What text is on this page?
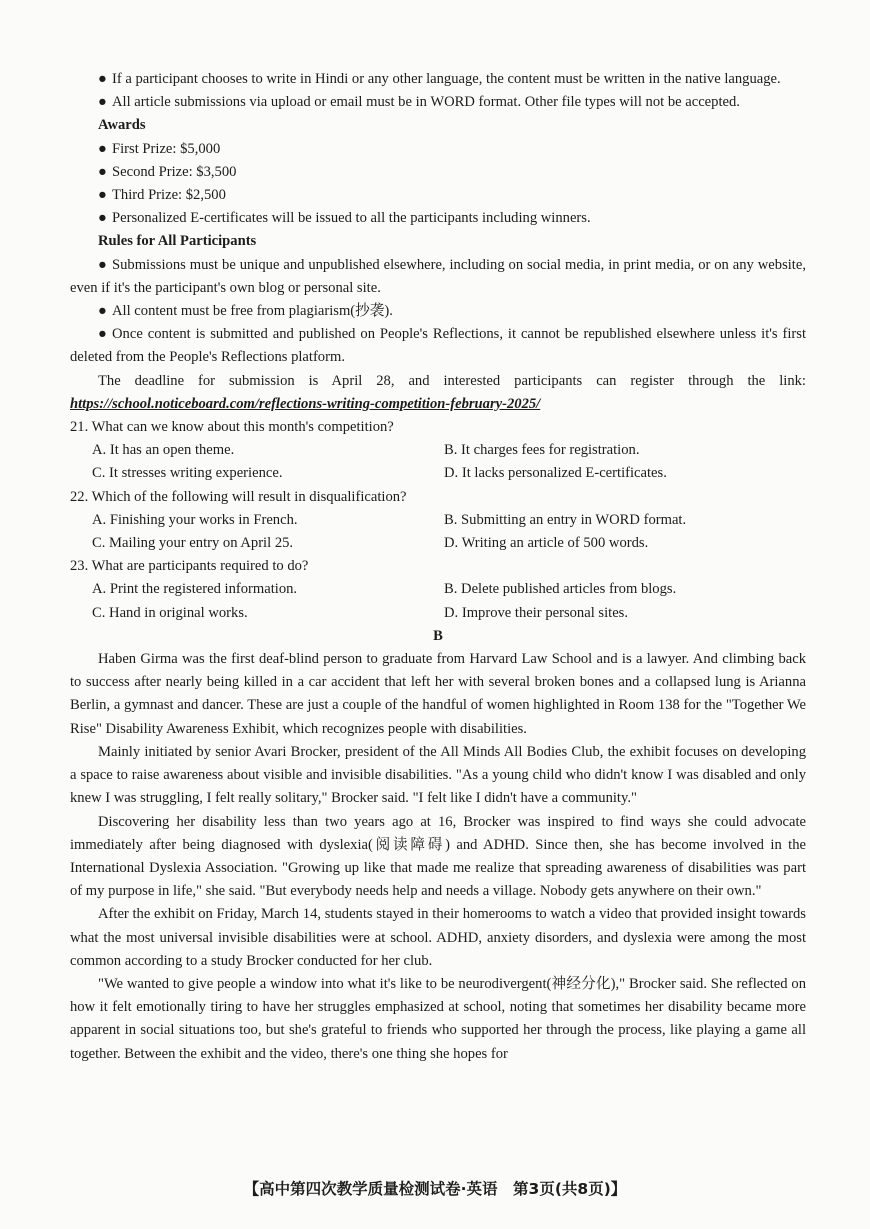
● If a participant chooses to write in Hindi or any other language, the content must be written in the native language.

● All article submissions via upload or email must be in WORD format. Other file types will not be accepted.

Awards

● First Prize: $5,000

● Second Prize: $3,500

● Third Prize: $2,500

● Personalized E-certificates will be issued to all the participants including winners.

Rules for All Participants

● Submissions must be unique and unpublished elsewhere, including on social media, in print media, or on any website, even if it's the participant's own blog or personal site.

● All content must be free from plagiarism(抄袭).

● Once content is submitted and published on People's Reflections, it cannot be republished elsewhere unless it's first deleted from the People's Reflections platform.

The deadline for submission is April 28, and interested participants can register through the link: https://school.noticeboard.com/reflections-writing-competition-february-2025/

21. What can we know about this month's competition?

A. It has an open theme.	B. It charges fees for registration.
C. It stresses writing experience.	D. It lacks personalized E-certificates.

22. Which of the following will result in disqualification?

A. Finishing your works in French.	B. Submitting an entry in WORD format.
C. Mailing your entry on April 25.	D. Writing an article of 500 words.

23. What are participants required to do?

A. Print the registered information.	B. Delete published articles from blogs.
C. Hand in original works.	D. Improve their personal sites.

B

Haben Girma was the first deaf-blind person to graduate from Harvard Law School and is a lawyer. And climbing back to success after nearly being killed in a car accident that left her with several broken bones and a collapsed lung is Arianna Berlin, a gymnast and dancer. These are just a couple of the handful of women highlighted in Room 138 for the "Together We Rise" Disability Awareness Exhibit, which recognizes people with disabilities.

Mainly initiated by senior Avari Brocker, president of the All Minds All Bodies Club, the exhibit focuses on developing a space to raise awareness about visible and invisible disabilities. "As a young child who didn't know I was disabled and only knew I was struggling, I felt really solitary," Brocker said. "I felt like I didn't have a community."

Discovering her disability less than two years ago at 16, Brocker was inspired to find ways she could advocate immediately after being diagnosed with dyslexia(阅读障碍) and ADHD. Since then, she has become involved in the International Dyslexia Association. "Growing up like that made me realize that spreading awareness of disabilities was part of my purpose in life," she said. "But everybody needs help and needs a village. Nobody gets anywhere on their own."

After the exhibit on Friday, March 14, students stayed in their homerooms to watch a video that provided insight towards what the most universal invisible disabilities were at school. ADHD, anxiety disorders, and dyslexia were among the most common according to a study Brocker conducted for her club.

"We wanted to give people a window into what it's like to be neurodivergent(神经分化)," Brocker said. She reflected on how it felt emotionally tiring to have her struggles emphasized at school, noting that sometimes her disability became more apparent in social situations too, but she's grateful to friends who supported her through the process, like playing a game all together. Between the exhibit and the video, there's one thing she hopes for

【高中第四次教学质量检测试卷·英语　第3页(共8页)】
